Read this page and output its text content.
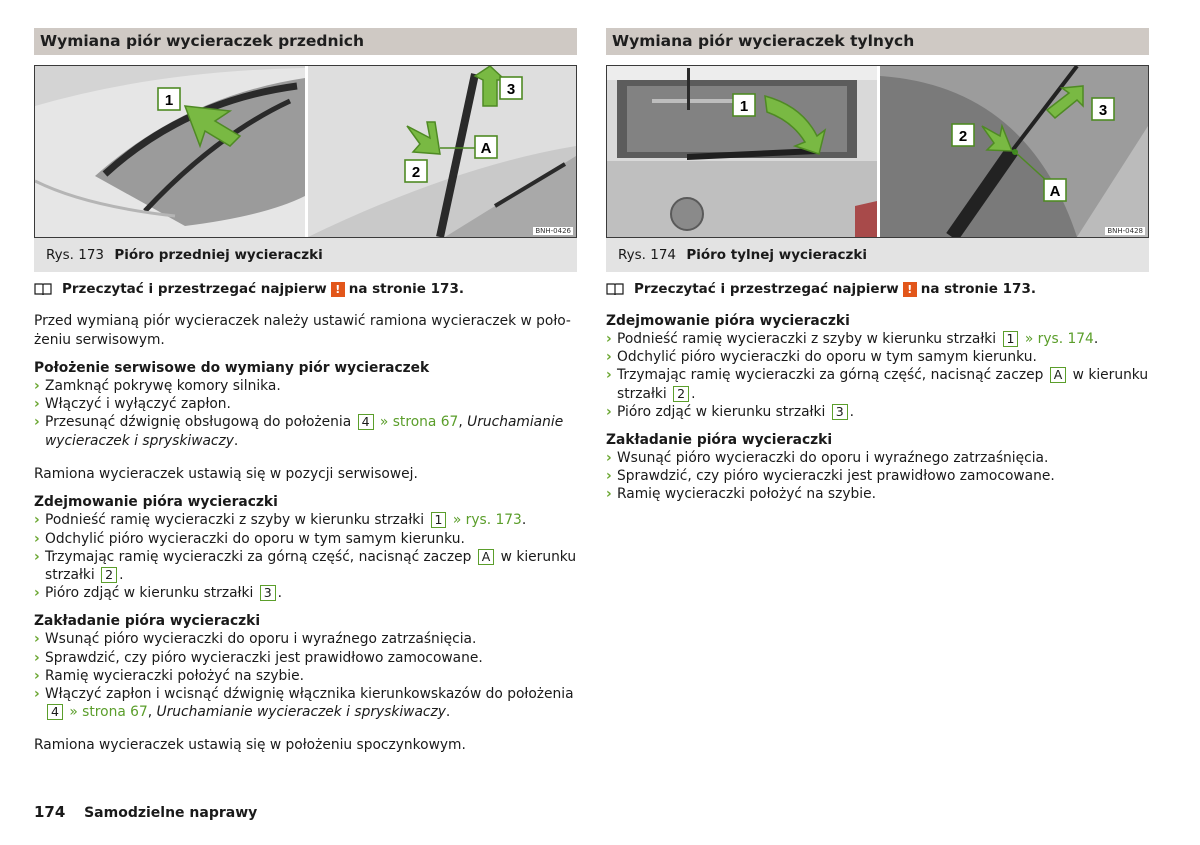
Wymiana piór wycieraczek przednich
1
3
A
2
BNH-0426
Rys. 173 Pióro przedniej wycieraczki
Przeczytać i przestrzegać najpierw ! na stronie 173.

Przed wymianą piór wycieraczek należy ustawić ramiona wycieraczek w poło-
żeniu serwisowym.

Położenie serwisowe do wymiany piór wycieraczek
› Zamknąć pokrywę komory silnika.
› Włączyć i wyłączyć zapłon.
› Przesunąć dźwignię obsługową do położenia 4 » strona 67, Uruchamianie
wycieraczek i spryskiwaczy.

Ramiona wycieraczek ustawią się w pozycji serwisowej.

Zdejmowanie pióra wycieraczki
› Podnieść ramię wycieraczki z szyby w kierunku strzałki 1 » rys. 173.
› Odchylić pióro wycieraczki do oporu w tym samym kierunku.
› Trzymając ramię wycieraczki za górną część, nacisnąć zaczep A w kierunku
strzałki 2 .
› Pióro zdjąć w kierunku strzałki 3 .
Zakładanie pióra wycieraczki
› Wsunąć pióro wycieraczki do oporu i wyraźnego zatrzaśnięcia.
› Sprawdzić, czy pióro wycieraczki jest prawidłowo zamocowane.
› Ramię wycieraczki położyć na szybie.
› Włączyć zapłon i wcisnąć dźwignię włącznika kierunkowskazów do położenia
4 » strona 67, Uruchamianie wycieraczek i spryskiwaczy.

Ramiona wycieraczek ustawią się w położeniu spoczynkowym.

Wymiana piór wycieraczek tylnych
1
2
3
A
BNH-0428
Rys. 174 Pióro tylnej wycieraczki
Przeczytać i przestrzegać najpierw ! na stronie 173.
Zdejmowanie pióra wycieraczki
› Podnieść ramię wycieraczki z szyby w kierunku strzałki 1 » rys. 174.
› Odchylić pióro wycieraczki do oporu w tym samym kierunku.
› Trzymając ramię wycieraczki za górną część, nacisnąć zaczep A w kierunku
strzałki 2 .
› Pióro zdjąć w kierunku strzałki 3 .
Zakładanie pióra wycieraczki
› Wsunąć pióro wycieraczki do oporu i wyraźnego zatrzaśnięcia.
› Sprawdzić, czy pióro wycieraczki jest prawidłowo zamocowane.
› Ramię wycieraczki położyć na szybie.
174 Samodzielne naprawy
